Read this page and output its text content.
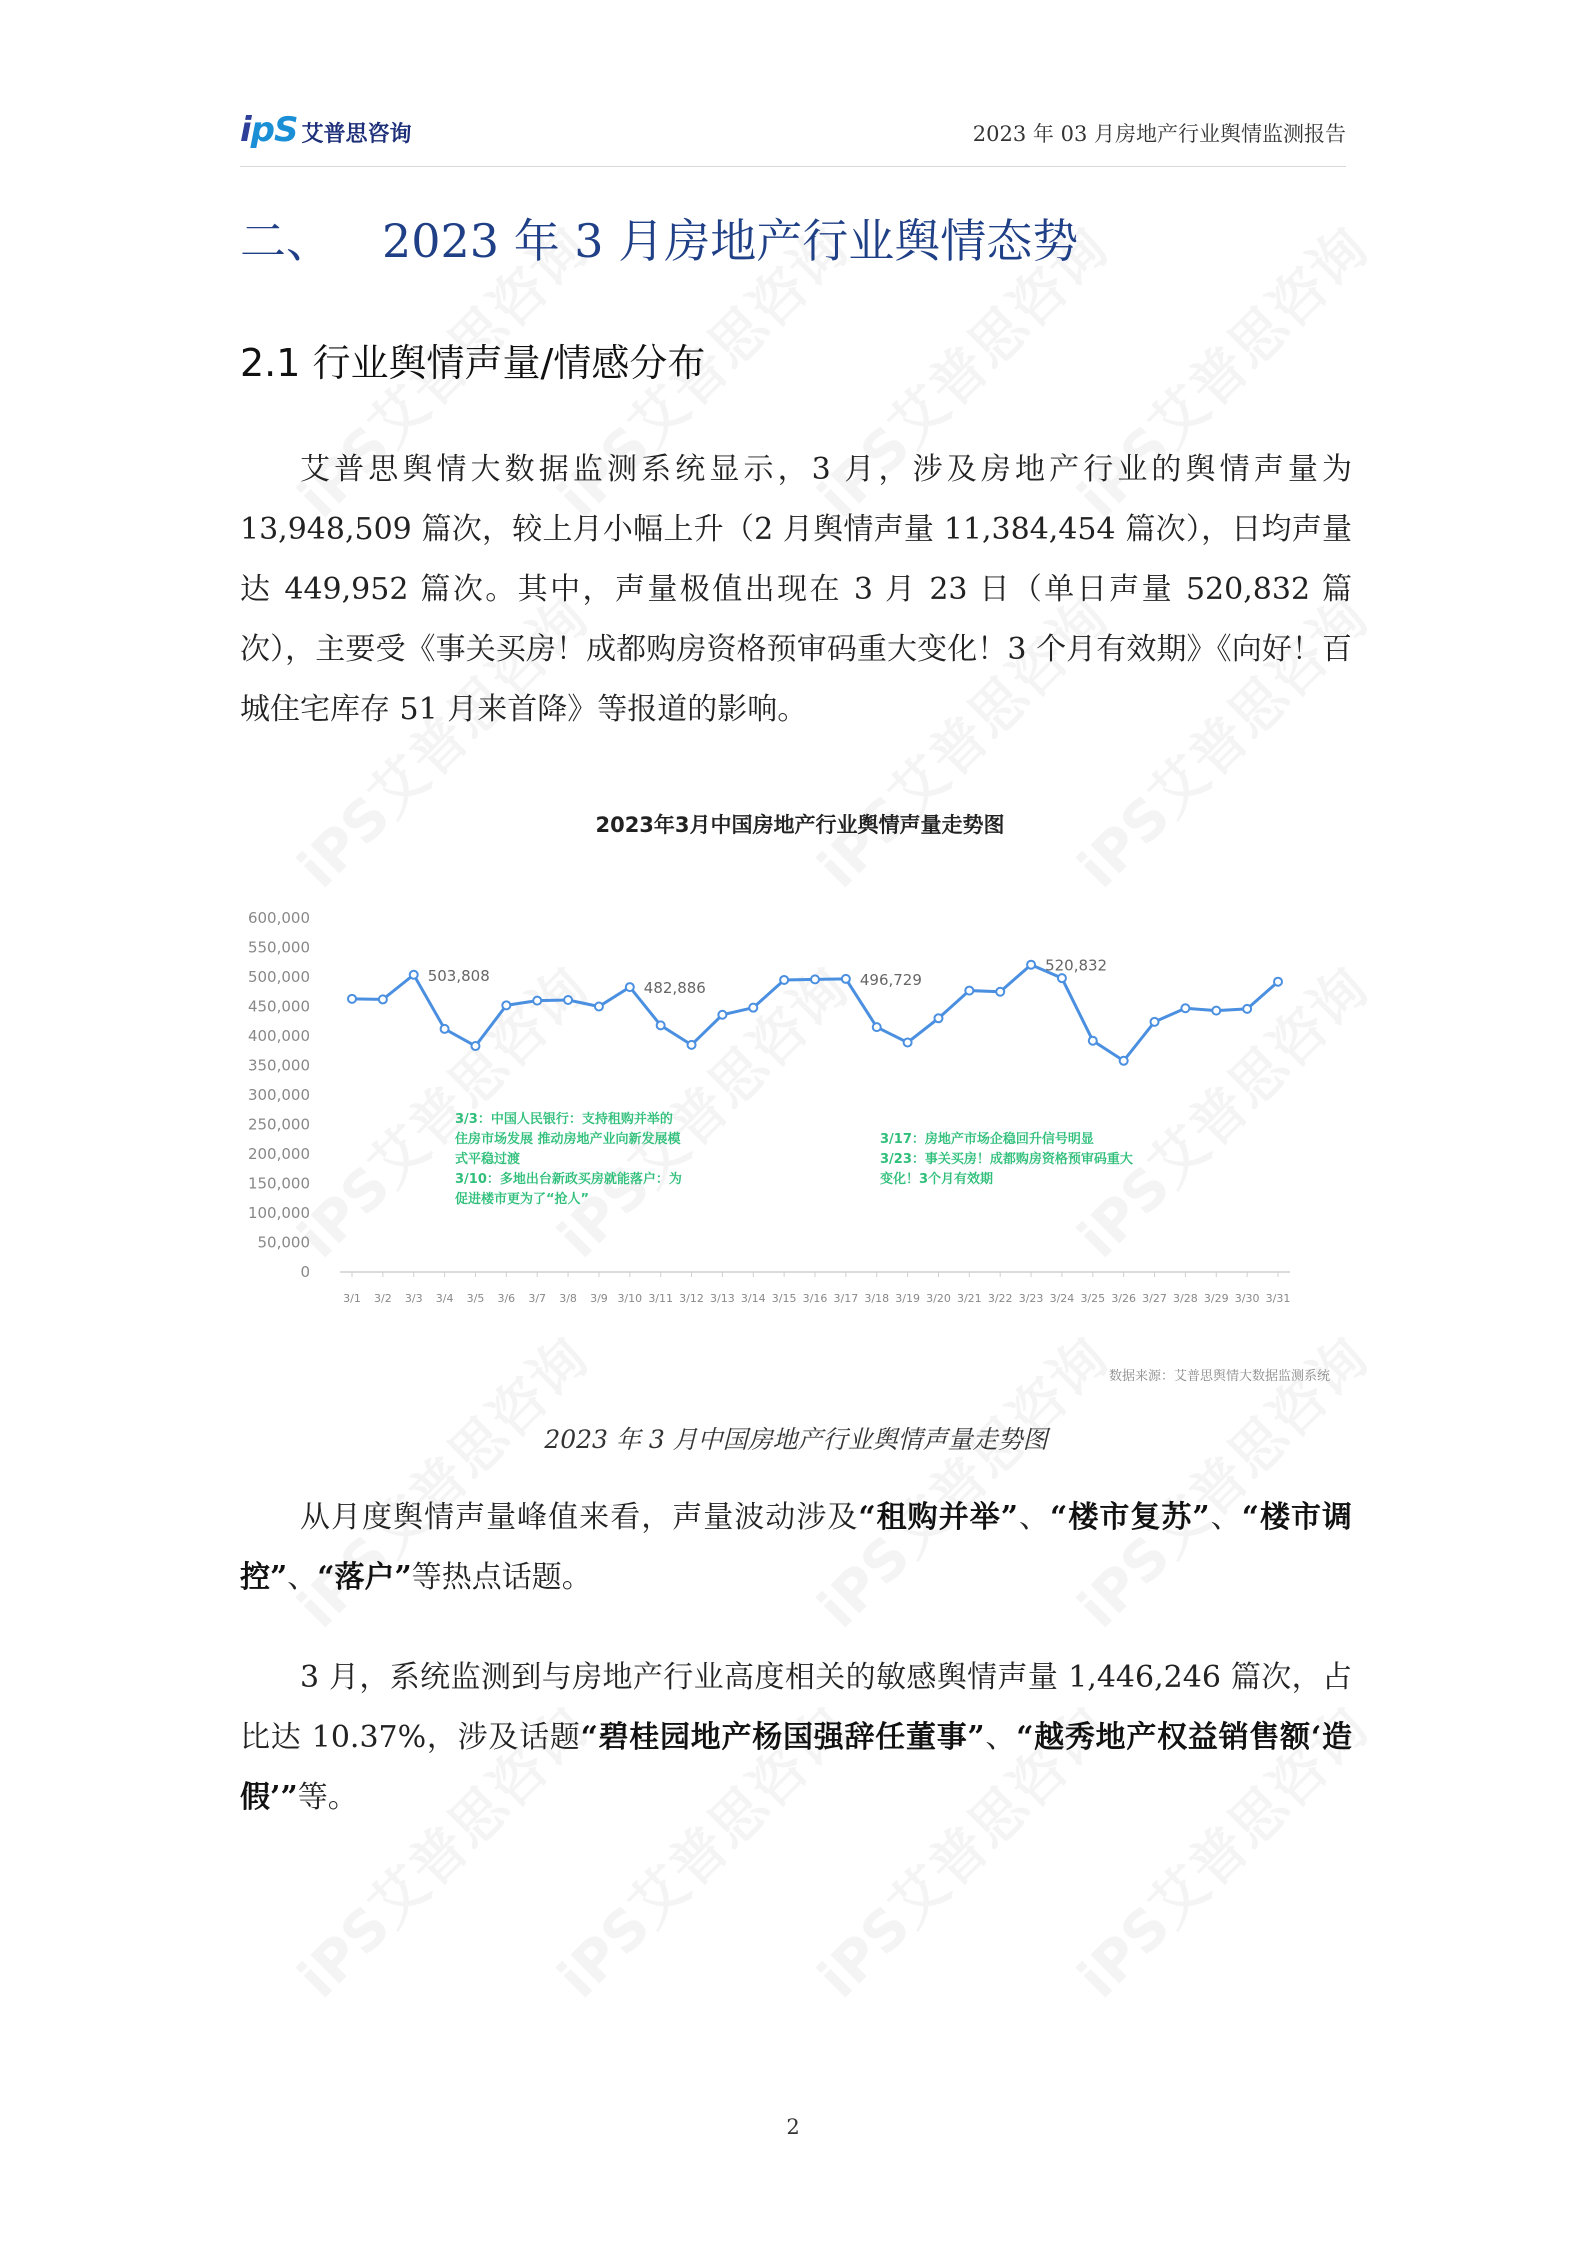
ipS 艾普思咨询	2023 年 03 月房地产行业舆情监测报告
二、 2023 年 3 月房地产行业舆情态势
2.1 行业舆情声量/情感分布

艾普思舆情大数据监测系统显示，3 月，涉及房地产行业的舆情声量为 13,948,509 篇次，较上月小幅上升（2 月舆情声量 11,384,454 篇次），日均声量达 449,952 篇次。其中，声量极值出现在 3 月 23 日（单日声量 520,832 篇次），主要受《事关买房！成都购房资格预审码重大变化！3 个月有效期》《向好！百城住宅库存 51 月来首降》等报道的影响。

2023年3月中国房地产行业舆情声量走势图
0
50,000
100,000
150,000
200,000
250,000
300,000
350,000
400,000
450,000
500,000
550,000
600,000
3/1 3/2 3/3 3/4 3/5 3/6 3/7 3/8 3/9 3/10 3/11 3/12 3/13 3/14 3/15 3/16 3/17 3/18 3/19 3/20 3/21 3/22 3/23 3/24 3/25 3/26 3/27 3/28 3/29 3/30 3/31
503,808
482,886	496,729
520,832
3/3：中国人民银行：支持租购并举的
住房市场发展 推动房地产业向新发展模
式平稳过渡
3/10：多地出台新政买房就能落户：为
促进楼市更为了“抢人”
3/17：房地产市场企稳回升信号明显
3/23：事关买房！成都购房资格预审码重大
变化！3个月有效期
数据来源：艾普思舆情大数据监测系统
2023 年 3 月中国房地产行业舆情声量走势图

从月度舆情声量峰值来看，声量波动涉及“租购并举”、“楼市复苏”、“楼市调控”、“落户”等热点话题。

3 月，系统监测到与房地产行业高度相关的敏感舆情声量 1,446,246 篇次，占比达 10.37%，涉及话题“碧桂园地产杨国强辞任董事”、“越秀地产权益销售额‘造假’”等。

2
